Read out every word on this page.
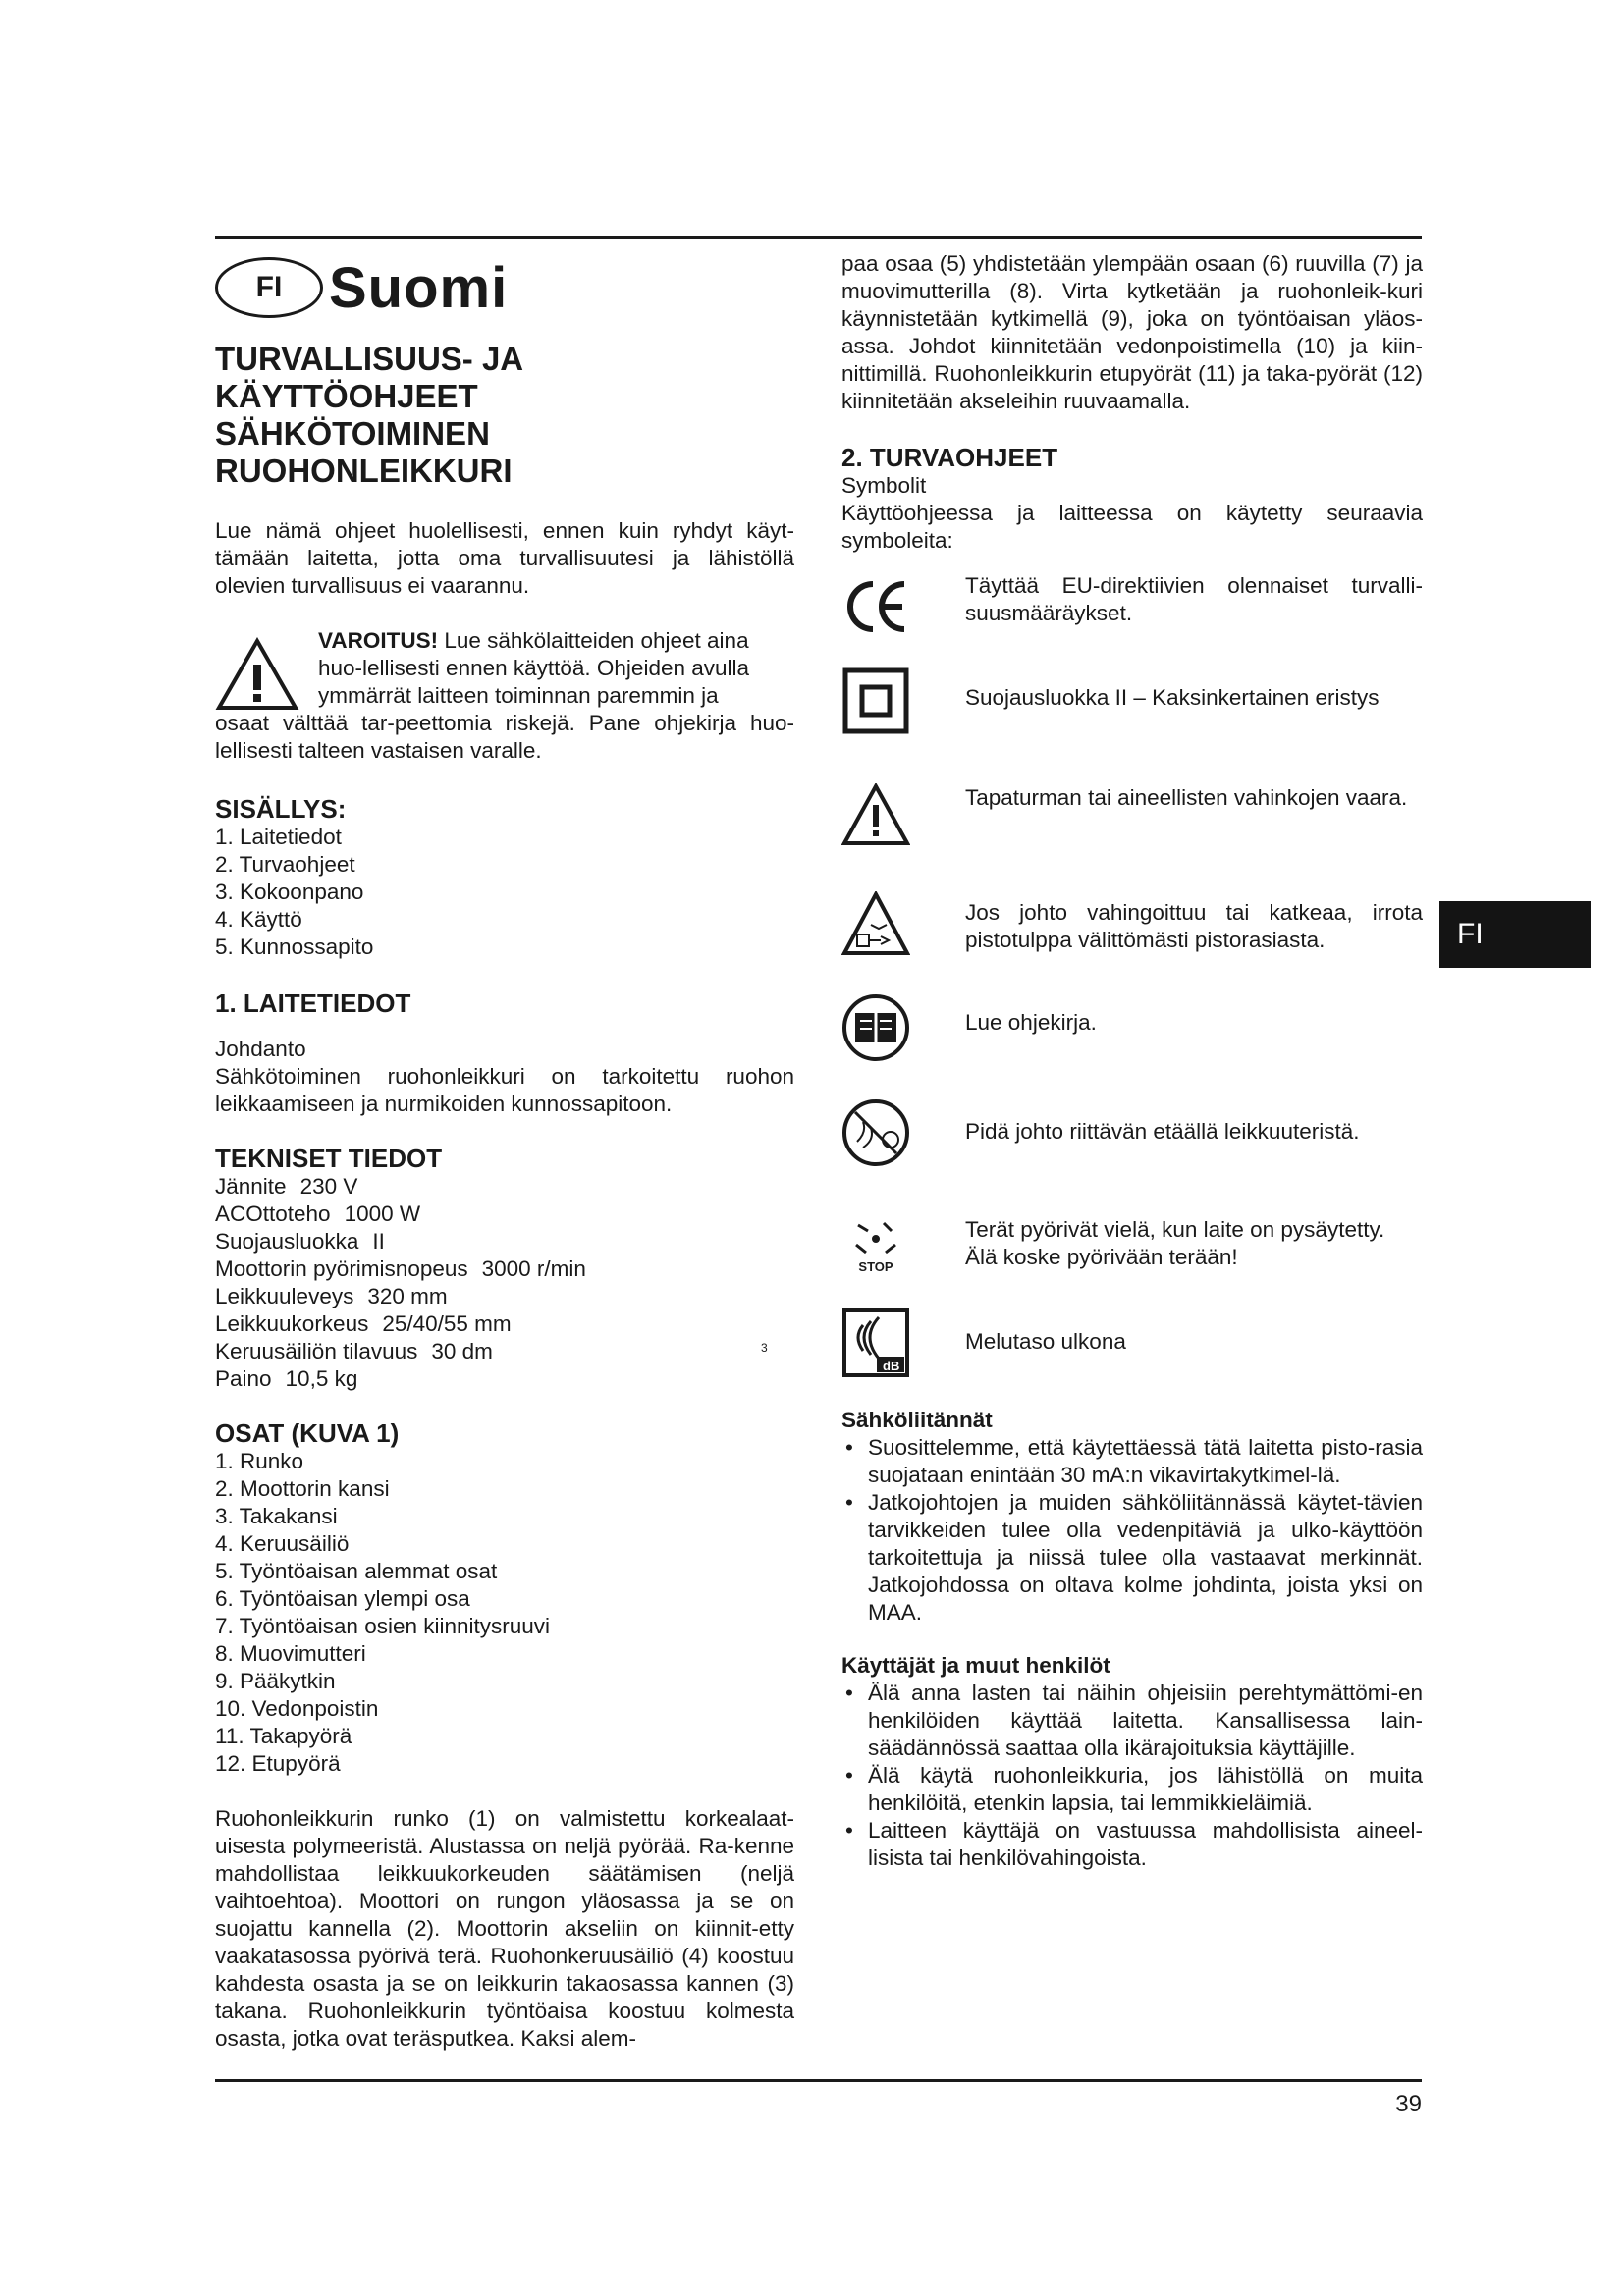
FI Suomi
TURVALLISUUS- JA
KÄYTTÖOHJEET
SÄHKÖTOIMINEN
RUOHONLEIKKURI

Lue nämä ohjeet huolellisesti, ennen kuin ryhdyt käyt-tämään laitetta, jotta oma turvallisuutesi ja lähistöllä olevien turvallisuus ei vaarannu.

VAROITUS! Lue sähkölaitteiden ohjeet aina

huo-lellisesti ennen käyttöä. Ohjeiden avulla

ymmärrät laitteen toiminnan paremmin ja

osaat välttää tar-peettomia riskejä. Pane ohjekirja huo-lellisesti talteen vastaisen varalle.

SISÄLLYS:
1. Laitetiedot
2. Turvaohjeet
3. Kokoonpano
4. Käyttö
5. Kunnossapito
1. LAITETIEDOT

Johdanto

Sähkötoiminen ruohonleikkuri on tarkoitettu ruohon leikkaamiseen ja nurmikoiden kunnossapitoon.

TEKNISET TIEDOT
Jännite 230 V
ACOttoteho 1000 W
Suojausluokka II
Moottorin pyörimisnopeus 3000 r/min
Leikkuuleveys 320 mm
Leikkuukorkeus 25/40/55 mm
Keruusäiliön tilavuus 30 dm	3
Paino 10,5 kg
OSAT (KUVA 1)
1. Runko
2. Moottorin kansi
3. Takakansi
4. Keruusäiliö
5. Työntöaisan alemmat osat
6. Työntöaisan ylempi osa
7. Työntöaisan osien kiinnitysruuvi
8. Muovimutteri
9. Pääkytkin
10. Vedonpoistin
11. Takapyörä
12. Etupyörä

Ruohonleikkurin runko (1) on valmistettu korkealaat-uisesta polymeeristä. Alustassa on neljä pyörää. Ra-kenne mahdollistaa leikkuukorkeuden säätämisen (neljä vaihtoehtoa). Moottori on rungon yläosassa ja se on suojattu kannella (2). Moottorin akseliin on kiinnit-etty vaakatasossa pyörivä terä. Ruohonkeruusäiliö (4) koostuu kahdesta osasta ja se on leikkurin takaosassa kannen (3) takana. Ruohonleikkurin työntöaisa koostuu kolmesta osasta, jotka ovat teräsputkea. Kaksi alem-

paa osaa (5) yhdistetään ylempään osaan (6) ruuvilla (7) ja muovimutterilla (8). Virta kytketään ja ruohonleik-kuri käynnistetään kytkimellä (9), joka on työntöaisan yläos-assa. Johdot kiinnitetään vedonpoistimella (10) ja kiin-nittimillä. Ruohonleikkurin etupyörät (11) ja taka-pyörät (12) kiinnitetään akseleihin ruuvaamalla.

2. TURVAOHJEET

Symbolit

Käyttöohjeessa ja laitteessa on käytetty seuraavia symboleita:

Täyttää EU-direktiivien olennaiset turvalli-suusmääräykset.

Suojausluokka II – Kaksinkertainen eristys

Tapaturman tai aineellisten vahinkojen vaara.

Jos johto vahingoittuu tai katkeaa, irrota pistotulppa välittömästi pistorasiasta.

Lue ohjekirja.

Pidä johto riittävän etäällä leikkuuteristä.

STOP

Terät pyörivät vielä, kun laite on pysäytetty. Älä koske pyörivään terään!

dB

Melutaso ulkona

Sähköliitännät
• Suosittelemme, että käytettäessä tätä laitetta pisto-rasia suojataan enintään 30 mA:n vikavirtakytkimel-lä.
• Jatkojohtojen ja muiden sähköliitännässä käytet-tävien tarvikkeiden tulee olla vedenpitäviä ja ulko-käyttöön tarkoitettuja ja niissä tulee olla vastaavat merkinnät. Jatkojohdossa on oltava kolme johdinta, joista yksi on MAA.
Käyttäjät ja muut henkilöt
• Älä anna lasten tai näihin ohjeisiin perehtymättömi-en henkilöiden käyttää laitetta. Kansallisessa lain-säädännössä saattaa olla ikärajoituksia käyttäjille.
• Älä käytä ruohonleikkuria, jos lähistöllä on muita henkilöitä, etenkin lapsia, tai lemmikkieläimiä.
• Laitteen käyttäjä on vastuussa mahdollisista aineel-lisista tai henkilövahingoista.
FI
39
